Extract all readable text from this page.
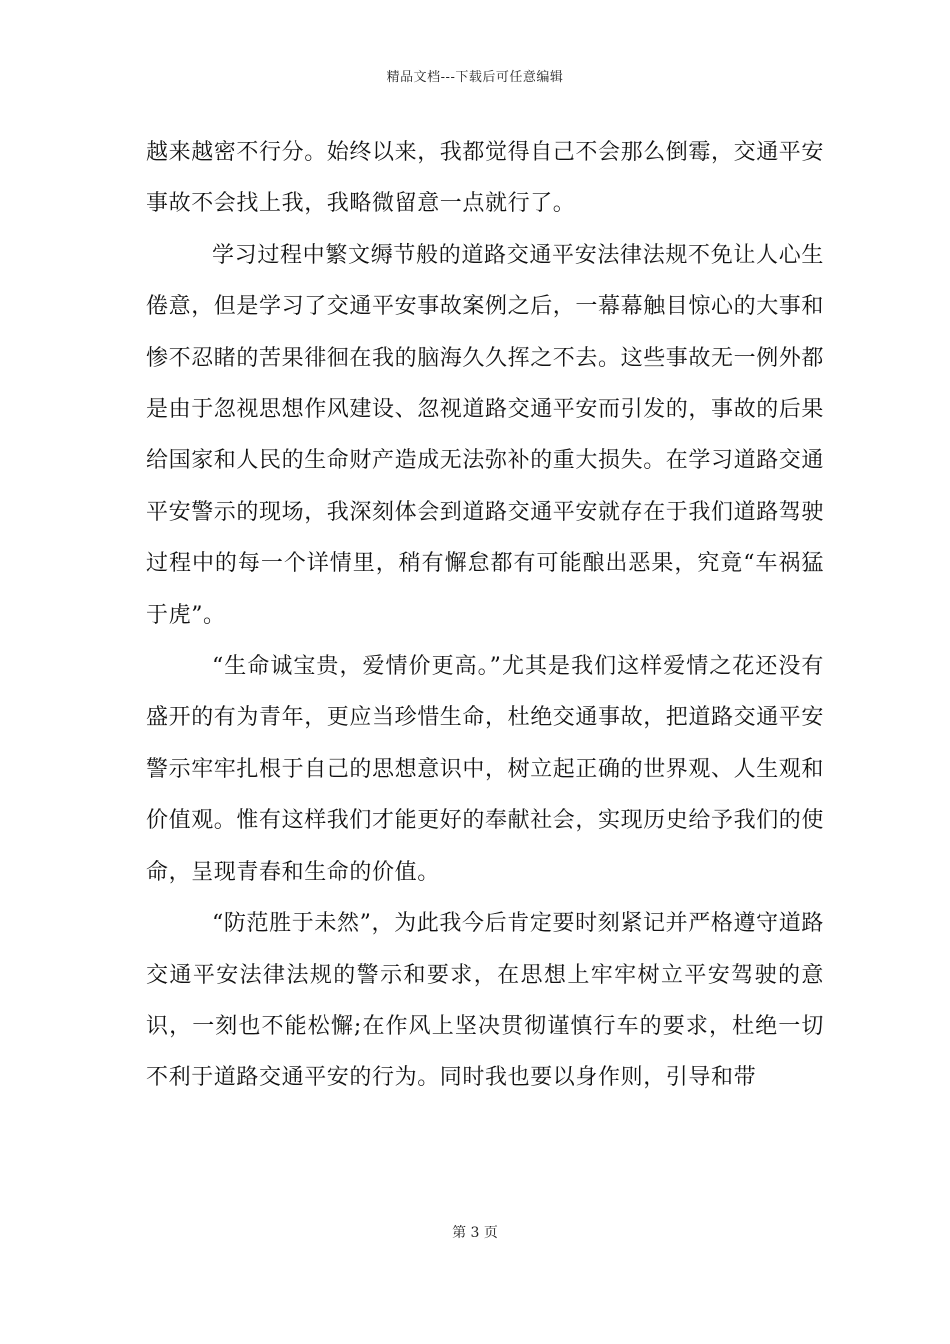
精品文档---下载后可任意编辑

越来越密不行分。始终以来，我都觉得自己不会那么倒霉，交通平安事故不会找上我，我略微留意一点就行了。

学习过程中繁文缛节般的道路交通平安法律法规不免让人心生倦意，但是学习了交通平安事故案例之后，一幕幕触目惊心的大事和惨不忍睹的苦果徘徊在我的脑海久久挥之不去。这些事故无一例外都是由于忽视思想作风建设、忽视道路交通平安而引发的，事故的后果给国家和人民的生命财产造成无法弥补的重大损失。在学习道路交通平安警示的现场，我深刻体会到道路交通平安就存在于我们道路驾驶过程中的每一个详情里，稍有懈怠都有可能酿出恶果，究竟“车祸猛于虎”。

“生命诚宝贵，爱情价更高。”尤其是我们这样爱情之花还没有盛开的有为青年，更应当珍惜生命，杜绝交通事故，把道路交通平安警示牢牢扎根于自己的思想意识中，树立起正确的世界观、人生观和价值观。惟有这样我们才能更好的奉献社会，实现历史给予我们的使命，呈现青春和生命的价值。

“防范胜于未然”，为此我今后肯定要时刻紧记并严格遵守道路交通平安法律法规的警示和要求，在思想上牢牢树立平安驾驶的意识，一刻也不能松懈;在作风上坚决贯彻谨慎行车的要求，杜绝一切不利于道路交通平安的行为。同时我也要以身作则，引导和带

第 3 页
